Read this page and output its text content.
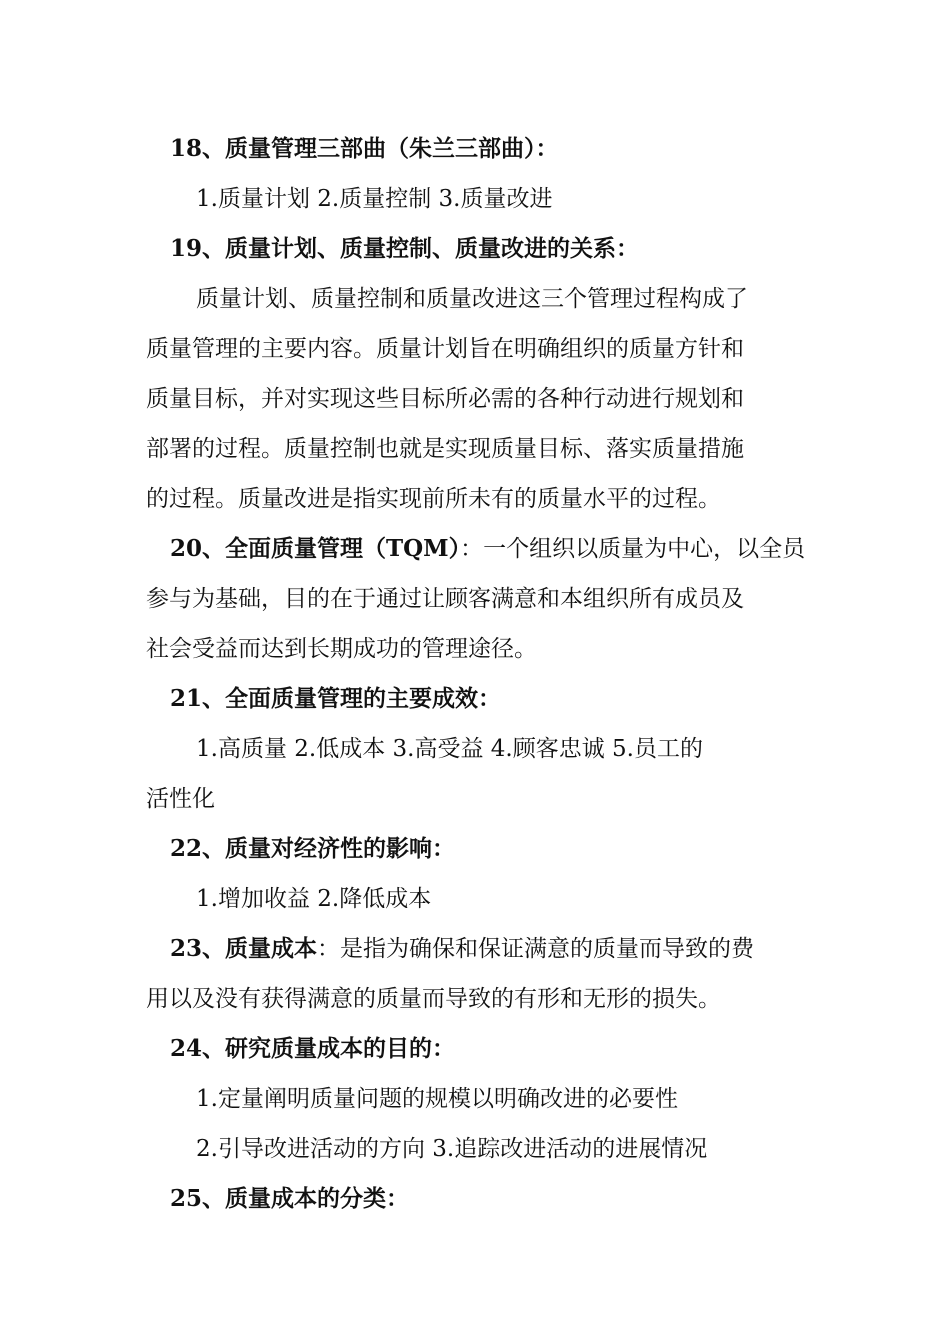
18、质量管理三部曲（朱兰三部曲）：
1.质量计划 2.质量控制 3.质量改进
19、质量计划、质量控制、质量改进的关系：
质量计划、质量控制和质量改进这三个管理过程构成了
质量管理的主要内容。质量计划旨在明确组织的质量方针和
质量目标，并对实现这些目标所必需的各种行动进行规划和
部署的过程。质量控制也就是实现质量目标、落实质量措施
的过程。质量改进是指实现前所未有的质量水平的过程。
20、全面质量管理（TQM）：一个组织以质量为中心，以全员
参与为基础，目的在于通过让顾客满意和本组织所有成员及
社会受益而达到长期成功的管理途径。
21、全面质量管理的主要成效：
1.高质量 2.低成本 3.高受益 4.顾客忠诚 5.员工的
活性化
22、质量对经济性的影响：
1.增加收益 2.降低成本
23、质量成本：是指为确保和保证满意的质量而导致的费
用以及没有获得满意的质量而导致的有形和无形的损失。
24、研究质量成本的目的：
1.定量阐明质量问题的规模以明确改进的必要性
2.引导改进活动的方向 3.追踪改进活动的进展情况
25、质量成本的分类：
